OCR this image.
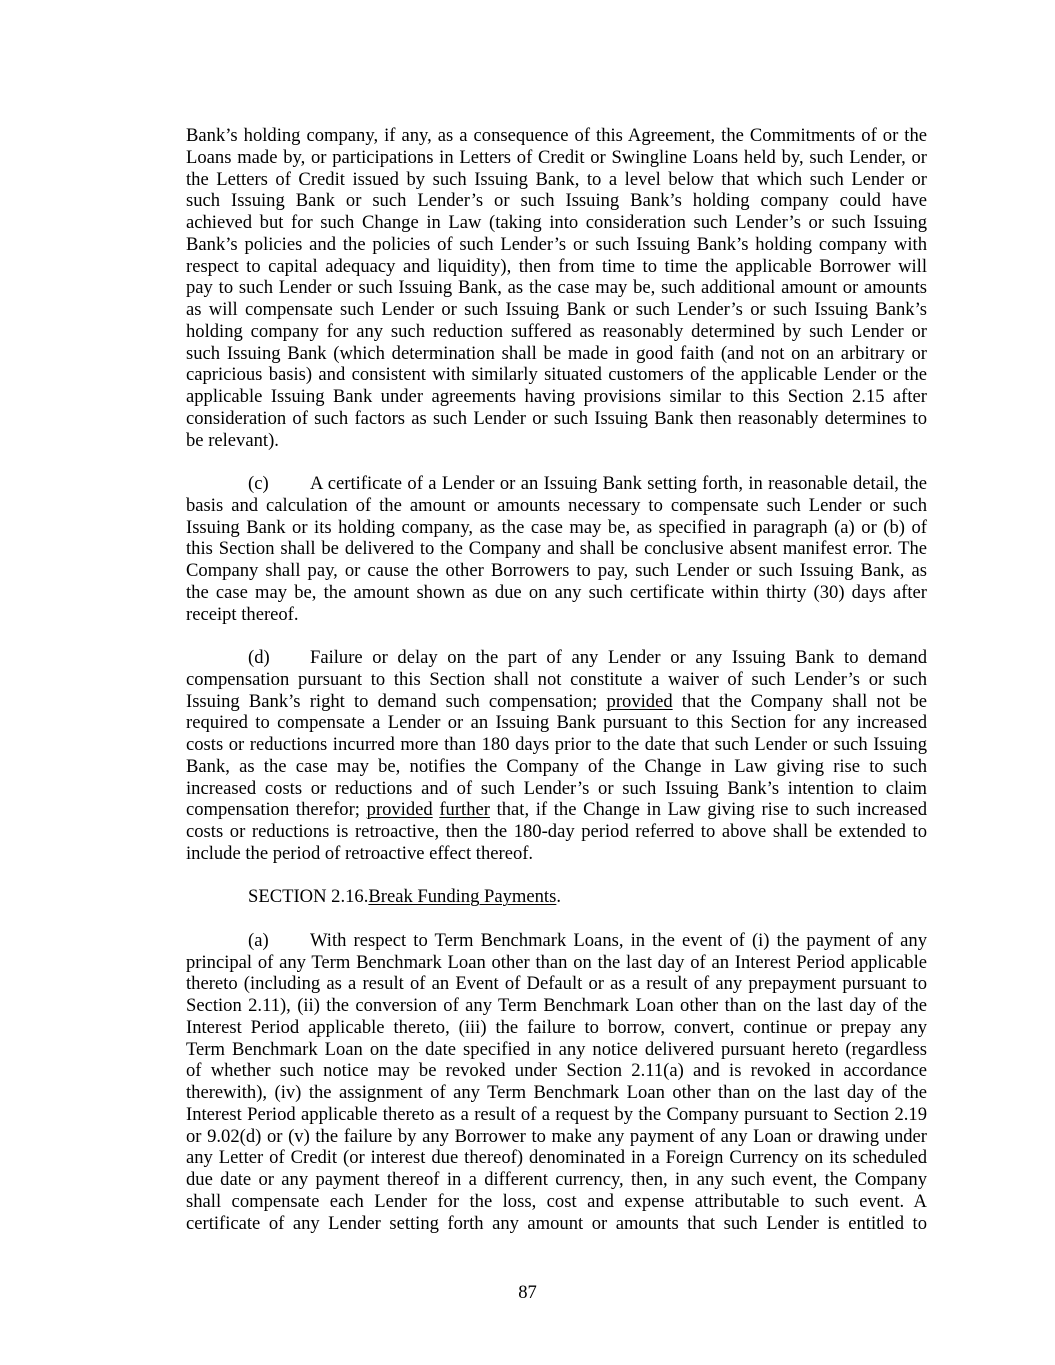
Bank’s holding company, if any, as a consequence of this Agreement, the Commitments of or the
Loans made by, or participations in Letters of Credit or Swingline Loans held by, such Lender, or
the Letters of Credit issued by such Issuing Bank, to a level below that which such Lender or
such Issuing Bank or such Lender’s or such Issuing Bank’s holding company could have
achieved but for such Change in Law (taking into consideration such Lender’s or such Issuing
Bank’s policies and the policies of such Lender’s or such Issuing Bank’s holding company with
respect to capital adequacy and liquidity), then from time to time the applicable Borrower will
pay to such Lender or such Issuing Bank, as the case may be, such additional amount or amounts
as will compensate such Lender or such Issuing Bank or such Lender’s or such Issuing Bank’s
holding company for any such reduction suffered as reasonably determined by such Lender or
such Issuing Bank (which determination shall be made in good faith (and not on an arbitrary or
capricious basis) and consistent with similarly situated customers of the applicable Lender or the
applicable Issuing Bank under agreements having provisions similar to this Section 2.15 after
consideration of such factors as such Lender or such Issuing Bank then reasonably determines to
be relevant).
(c)	A certificate of a Lender or an Issuing Bank setting forth, in reasonable detail, the
basis and calculation of the amount or amounts necessary to compensate such Lender or such
Issuing Bank or its holding company, as the case may be, as specified in paragraph (a) or (b) of
this Section shall be delivered to the Company and shall be conclusive absent manifest error. The
Company shall pay, or cause the other Borrowers to pay, such Lender or such Issuing Bank, as
the case may be, the amount shown as due on any such certificate within thirty (30) days after
receipt thereof.
(d)	Failure or delay on the part of any Lender or any Issuing Bank to demand
compensation pursuant to this Section shall not constitute a waiver of such Lender’s or such
Issuing Bank’s right to demand such compensation; provided that the Company shall not be
required to compensate a Lender or an Issuing Bank pursuant to this Section for any increased
costs or reductions incurred more than 180 days prior to the date that such Lender or such Issuing
Bank, as the case may be, notifies the Company of the Change in Law giving rise to such
increased costs or reductions and of such Lender’s or such Issuing Bank’s intention to claim
compensation therefor; provided further that, if the Change in Law giving rise to such increased
costs or reductions is retroactive, then the 180-day period referred to above shall be extended to
include the period of retroactive effect thereof.
SECTION 2.16.Break Funding Payments.
(a)	With respect to Term Benchmark Loans, in the event of (i) the payment of any
principal of any Term Benchmark Loan other than on the last day of an Interest Period applicable
thereto (including as a result of an Event of Default or as a result of any prepayment pursuant to
Section 2.11), (ii) the conversion of any Term Benchmark Loan other than on the last day of the
Interest Period applicable thereto, (iii) the failure to borrow, convert, continue or prepay any
Term Benchmark Loan on the date specified in any notice delivered pursuant hereto (regardless
of whether such notice may be revoked under Section 2.11(a) and is revoked in accordance
therewith), (iv) the assignment of any Term Benchmark Loan other than on the last day of the
Interest Period applicable thereto as a result of a request by the Company pursuant to Section 2.19
or 9.02(d) or (v) the failure by any Borrower to make any payment of any Loan or drawing under
any Letter of Credit (or interest due thereof) denominated in a Foreign Currency on its scheduled
due date or any payment thereof in a different currency, then, in any such event, the Company
shall compensate each Lender for the loss, cost and expense attributable to such event. A
certificate of any Lender setting forth any amount or amounts that such Lender is entitled to
87
